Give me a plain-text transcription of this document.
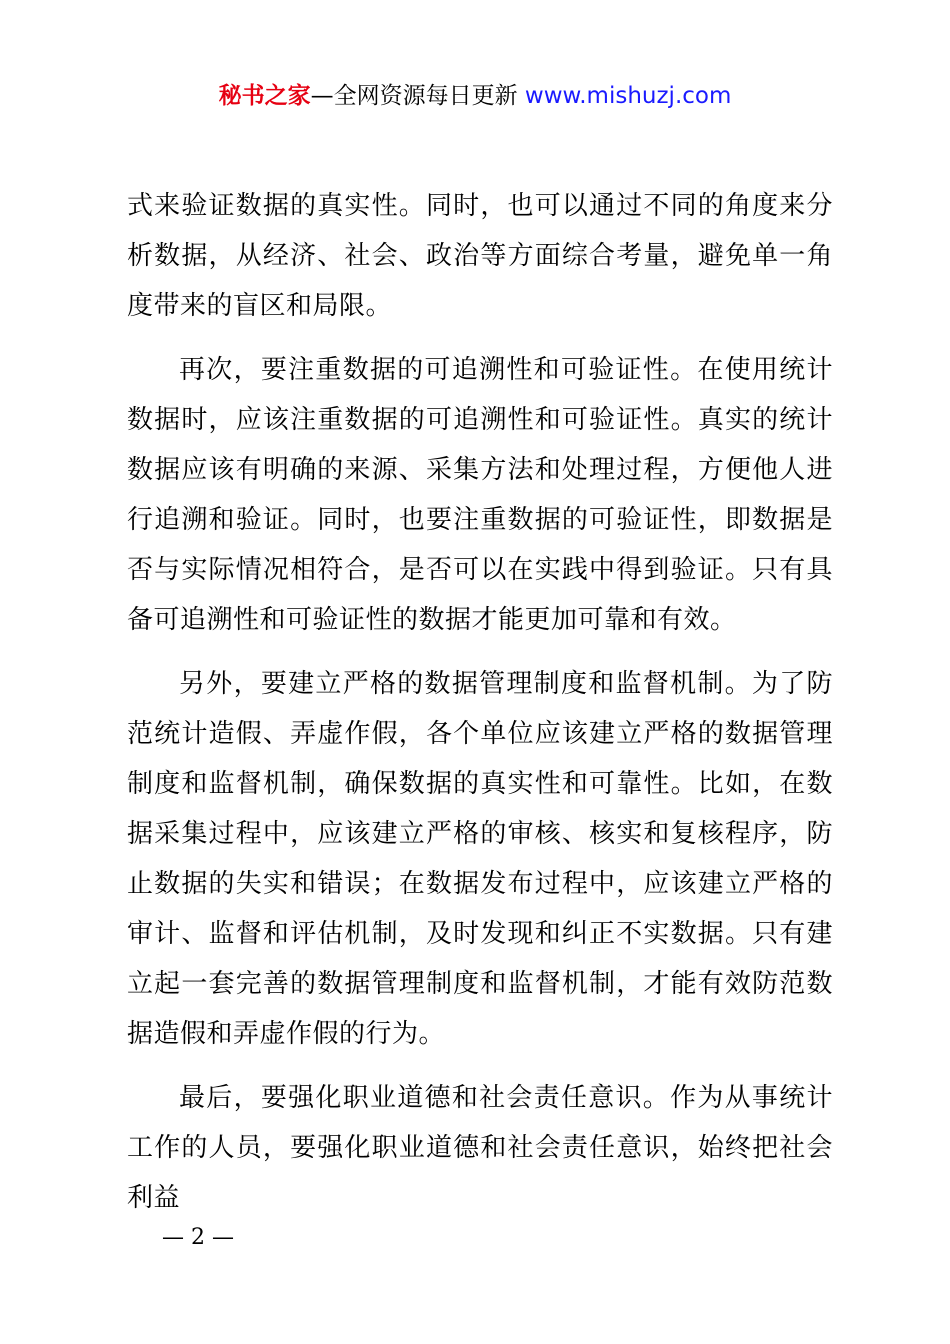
秘书之家—全网资源每日更新 www.mishuzj.com

式来验证数据的真实性。同时，也可以通过不同的角度来分析数据，从经济、社会、政治等方面综合考量，避免单一角度带来的盲区和局限。

再次，要注重数据的可追溯性和可验证性。在使用统计数据时，应该注重数据的可追溯性和可验证性。真实的统计数据应该有明确的来源、采集方法和处理过程，方便他人进行追溯和验证。同时，也要注重数据的可验证性，即数据是否与实际情况相符合，是否可以在实践中得到验证。只有具备可追溯性和可验证性的数据才能更加可靠和有效。

另外，要建立严格的数据管理制度和监督机制。为了防范统计造假、弄虚作假，各个单位应该建立严格的数据管理制度和监督机制，确保数据的真实性和可靠性。比如，在数据采集过程中，应该建立严格的审核、核实和复核程序，防止数据的失实和错误；在数据发布过程中，应该建立严格的审计、监督和评估机制，及时发现和纠正不实数据。只有建立起一套完善的数据管理制度和监督机制，才能有效防范数据造假和弄虚作假的行为。

最后，要强化职业道德和社会责任意识。作为从事统计工作的人员，要强化职业道德和社会责任意识，始终把社会利益

— 2 —
